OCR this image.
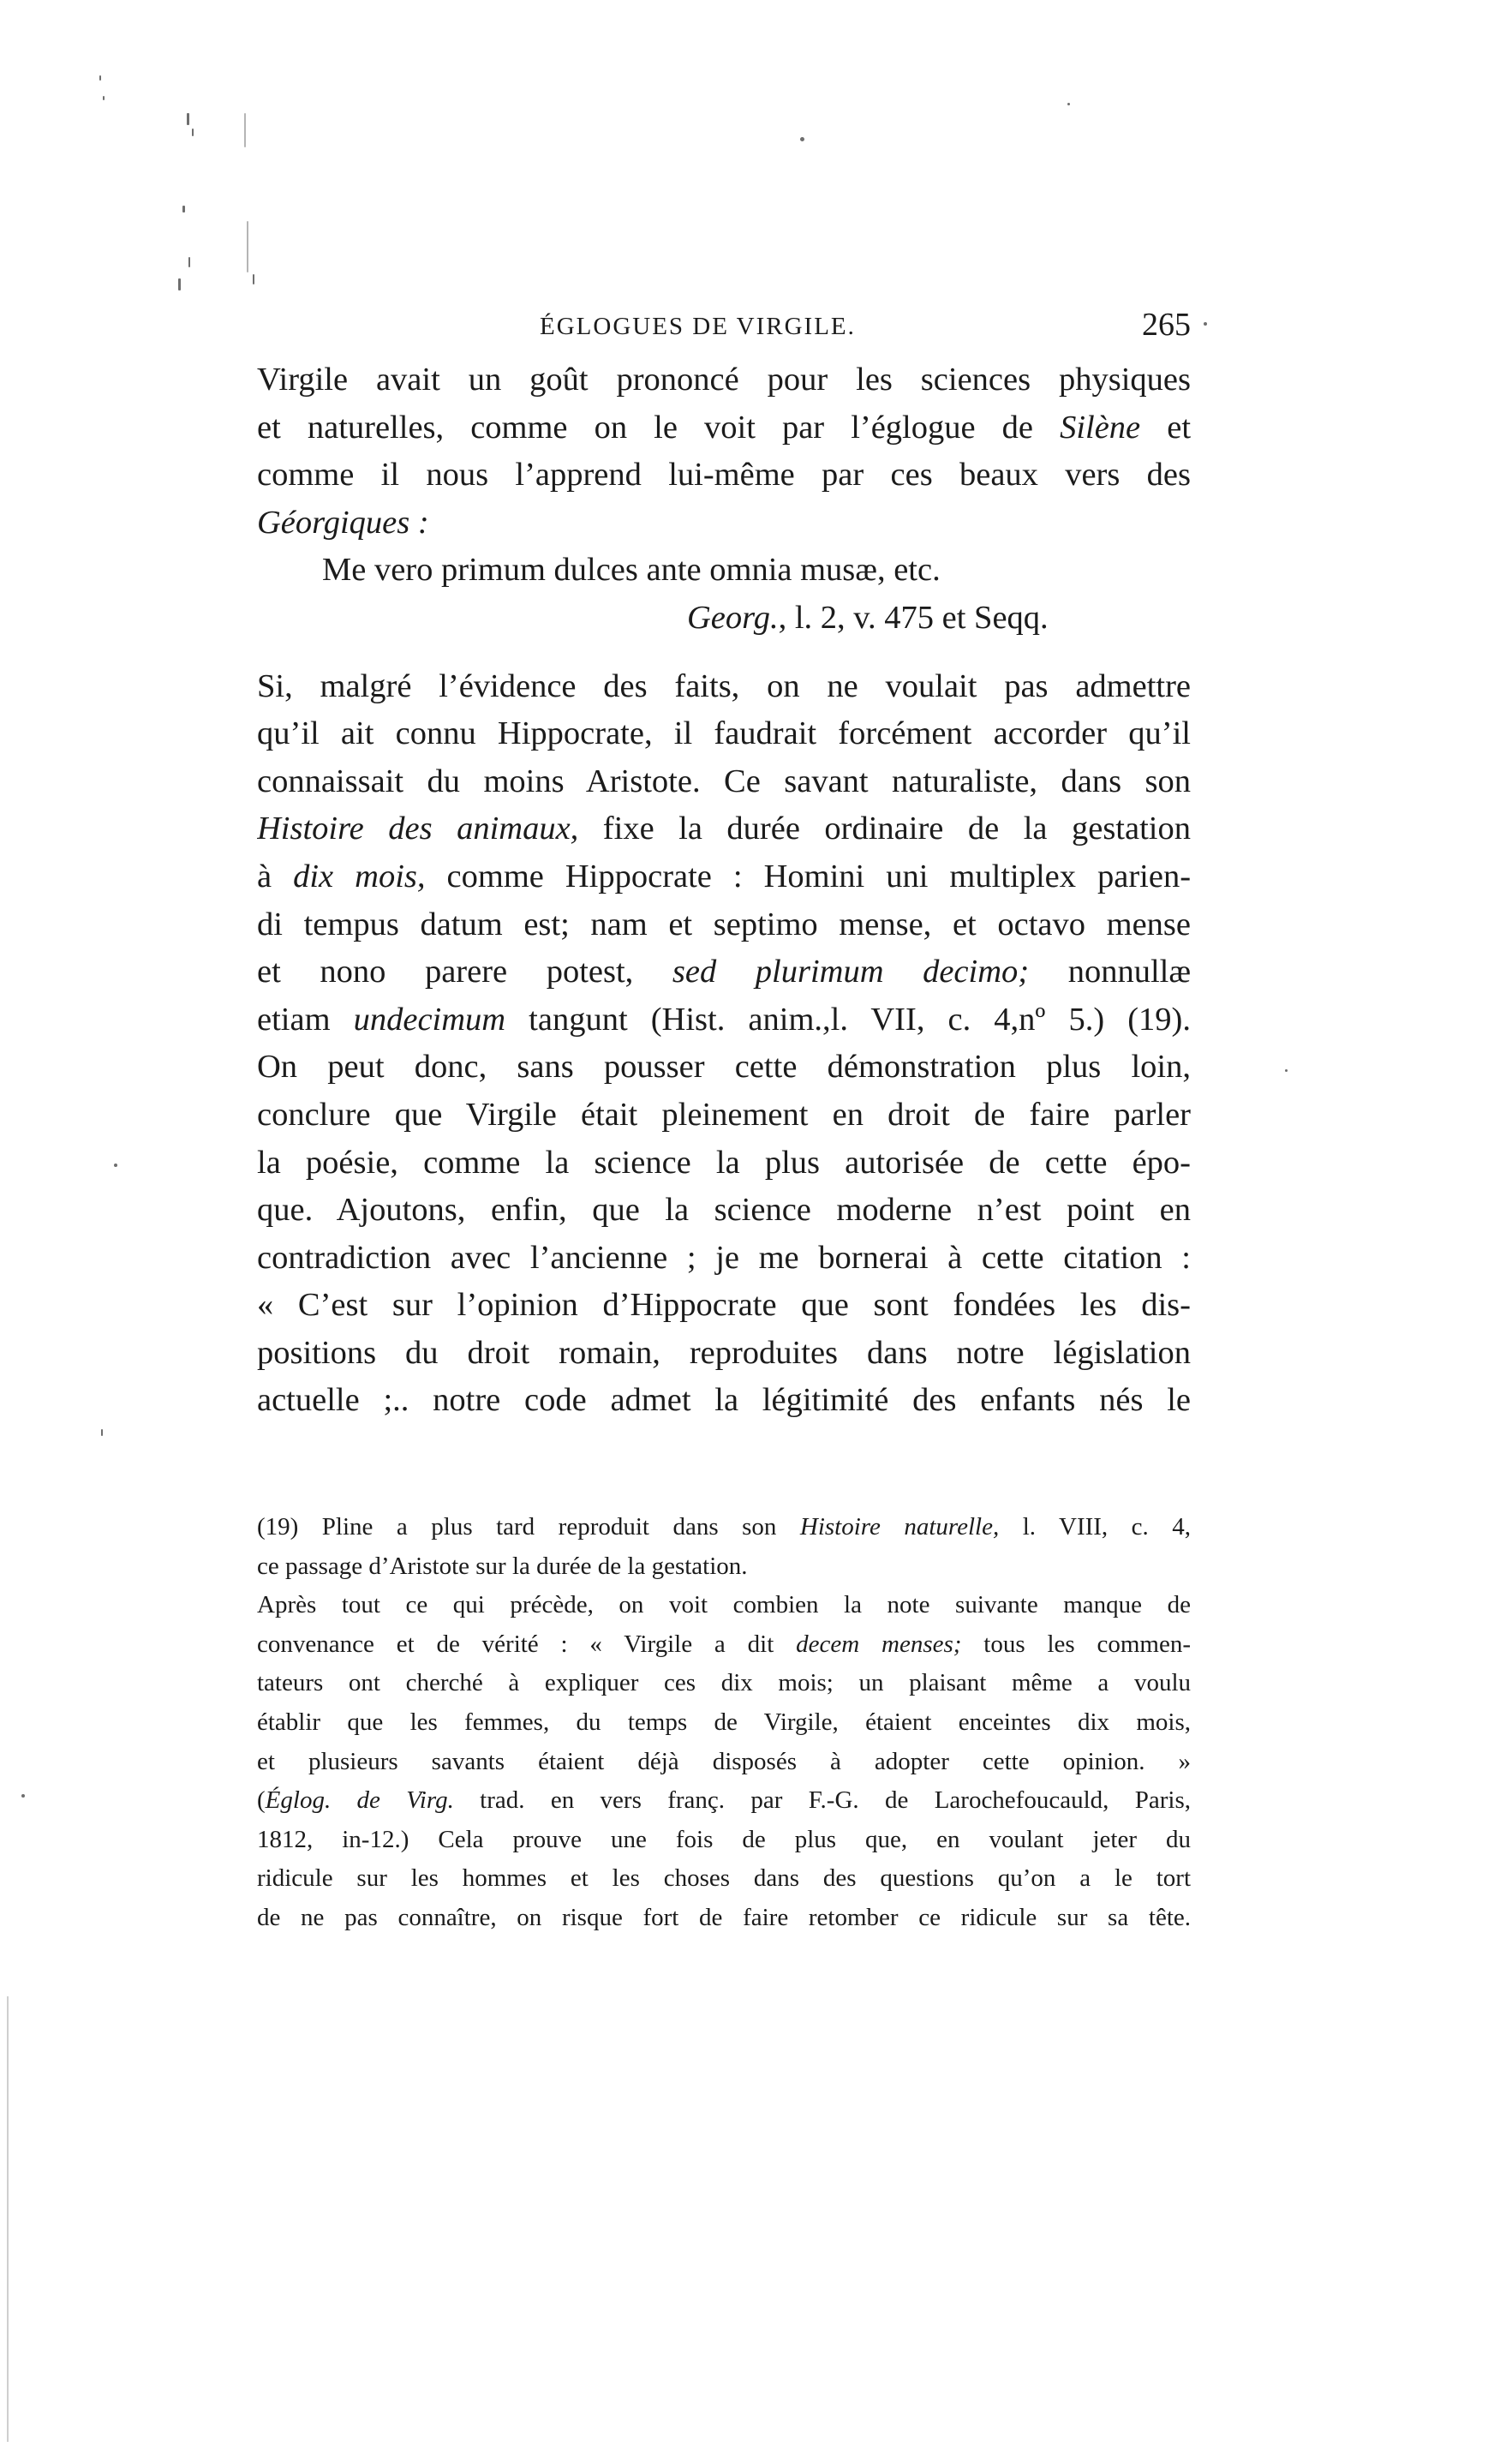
ÉGLOGUES DE VIRGILE.	265
Virgile avait un goût prononcé pour les sciences physiques
et naturelles, comme on le voit par l’églogue de Silène et
comme il nous l’apprend lui-même par ces beaux vers des
Géorgiques :
Me vero primum dulces ante omnia musæ, etc.
Georg., l. 2, v. 475 et Seqq.
Si, malgré l’évidence des faits, on ne voulait pas admettre
qu’il ait connu Hippocrate, il faudrait forcément accorder qu’il
connaissait du moins Aristote. Ce savant naturaliste, dans son
Histoire des animaux, fixe la durée ordinaire de la gestation
à dix mois, comme Hippocrate : Homini uni multiplex parien-
di tempus datum est; nam et septimo mense, et octavo mense
et nono parere potest, sed plurimum decimo; nonnullæ
etiam undecimum tangunt (Hist. anim.,l. VII, c. 4,nº 5.) (19).
On peut donc, sans pousser cette démonstration plus loin,
conclure que Virgile était pleinement en droit de faire parler
la poésie, comme la science la plus autorisée de cette épo-
que. Ajoutons, enfin, que la science moderne n’est point en
contradiction avec l’ancienne ; je me bornerai à cette citation :
« C’est sur l’opinion d’Hippocrate que sont fondées les dis-
positions du droit romain, reproduites dans notre législation
actuelle ;.. notre code admet la légitimité des enfants nés le
(19) Pline a plus tard reproduit dans son Histoire naturelle, l. VIII, c. 4,
ce passage d’Aristote sur la durée de la gestation.
Après tout ce qui précède, on voit combien la note suivante manque de
convenance et de vérité : « Virgile a dit decem menses; tous les commen-
tateurs ont cherché à expliquer ces dix mois; un plaisant même a voulu
établir que les femmes, du temps de Virgile, étaient enceintes dix mois,
et plusieurs savants étaient déjà disposés à adopter cette opinion. »
(Églog. de Virg. trad. en vers franç. par F.-G. de Larochefoucauld, Paris,
1812, in-12.) Cela prouve une fois de plus que, en voulant jeter du
ridicule sur les hommes et les choses dans des questions qu’on a le tort
de ne pas connaître, on risque fort de faire retomber ce ridicule sur sa tête.
